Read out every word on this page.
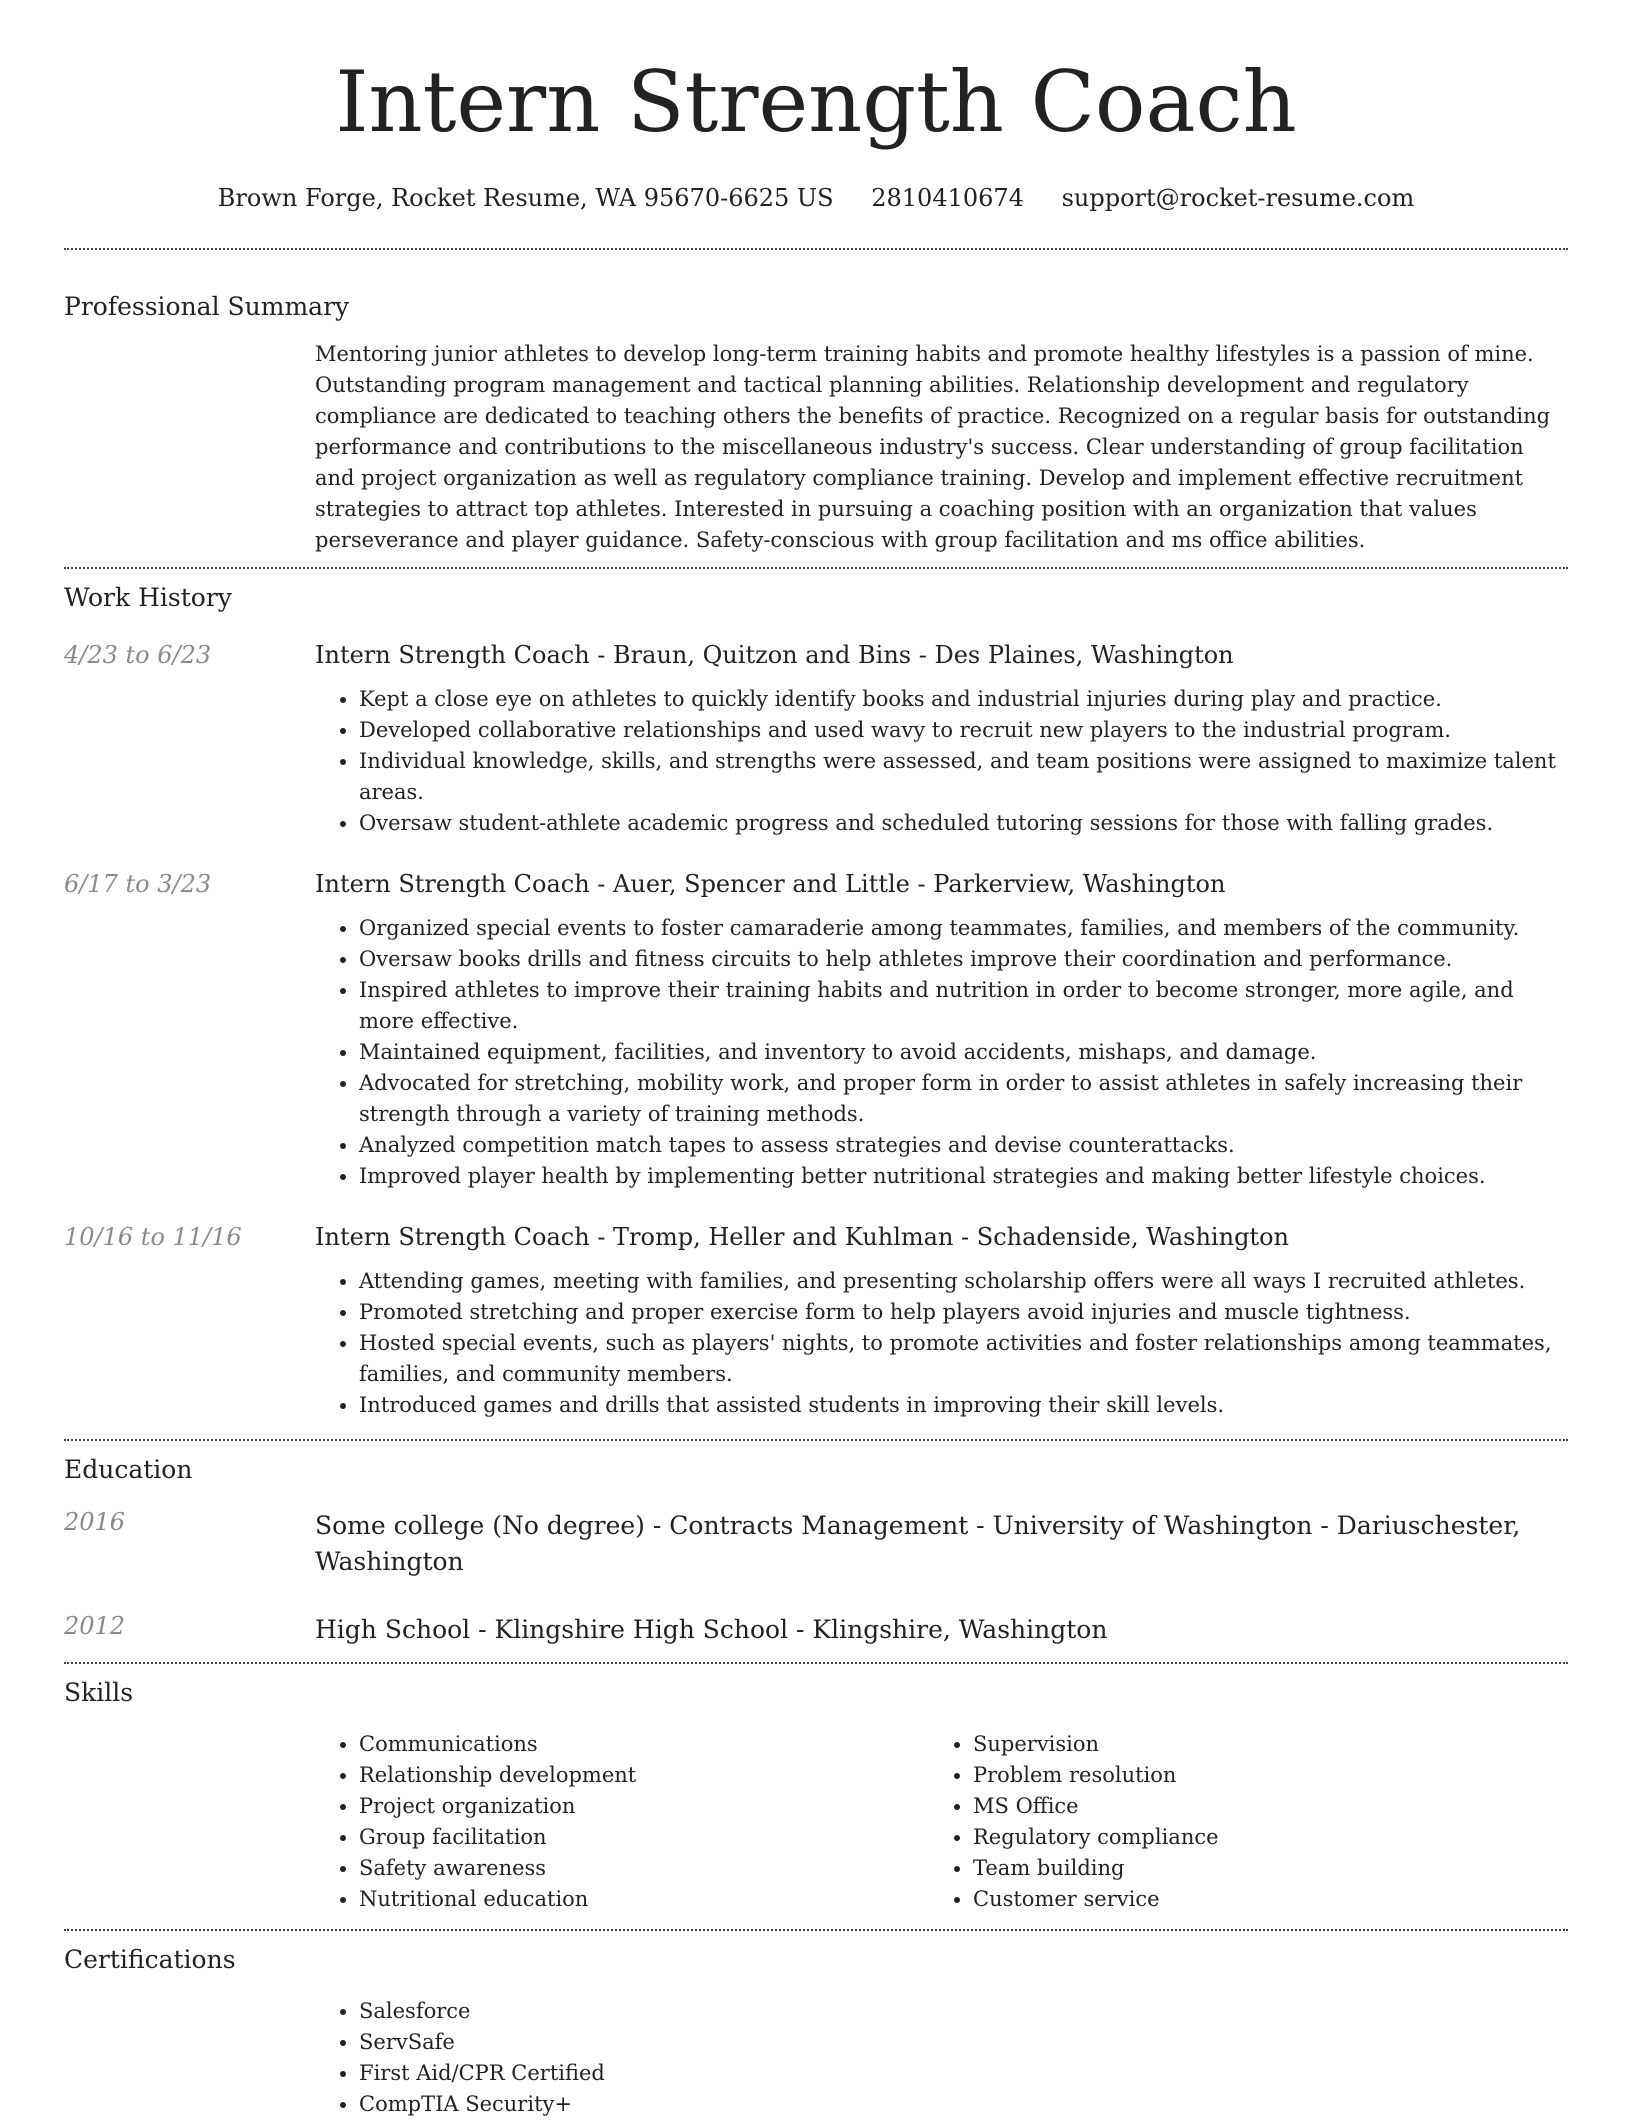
Intern Strength Coach
Brown Forge, Rocket Resume, WA 95670-6625 US 2810410674 support@rocket-resume.com
Professional Summary
Mentoring junior athletes to develop long-term training habits and promote healthy lifestyles is a passion of mine. Outstanding program management and tactical planning abilities. Relationship development and regulatory compliance are dedicated to teaching others the benefits of practice. Recognized on a regular basis for outstanding performance and contributions to the miscellaneous industry's success. Clear understanding of group facilitation and project organization as well as regulatory compliance training. Develop and implement effective recruitment strategies to attract top athletes. Interested in pursuing a coaching position with an organization that values perseverance and player guidance. Safety-conscious with group facilitation and ms office abilities.
Work History
4/23 to 6/23	Intern Strength Coach - Braun, Quitzon and Bins - Des Plaines, Washington
• Kept a close eye on athletes to quickly identify books and industrial injuries during play and practice.
• Developed collaborative relationships and used wavy to recruit new players to the industrial program.
• Individual knowledge, skills, and strengths were assessed, and team positions were assigned to maximize talent areas.
• Oversaw student-athlete academic progress and scheduled tutoring sessions for those with falling grades.
6/17 to 3/23	Intern Strength Coach - Auer, Spencer and Little - Parkerview, Washington
• Organized special events to foster camaraderie among teammates, families, and members of the community.
• Oversaw books drills and fitness circuits to help athletes improve their coordination and performance.
• Inspired athletes to improve their training habits and nutrition in order to become stronger, more agile, and more effective.
• Maintained equipment, facilities, and inventory to avoid accidents, mishaps, and damage.
• Advocated for stretching, mobility work, and proper form in order to assist athletes in safely increasing their strength through a variety of training methods.
• Analyzed competition match tapes to assess strategies and devise counterattacks.
• Improved player health by implementing better nutritional strategies and making better lifestyle choices.
10/16 to 11/16	Intern Strength Coach - Tromp, Heller and Kuhlman - Schadenside, Washington
• Attending games, meeting with families, and presenting scholarship offers were all ways I recruited athletes.
• Promoted stretching and proper exercise form to help players avoid injuries and muscle tightness.
• Hosted special events, such as players' nights, to promote activities and foster relationships among teammates, families, and community members.
• Introduced games and drills that assisted students in improving their skill levels.
Education
2016	Some college (No degree) - Contracts Management - University of Washington - Dariuschester, Washington
2012	High School - Klingshire High School - Klingshire, Washington
Skills
• Communications
• Relationship development
• Project organization
• Group facilitation
• Safety awareness
• Nutritional education
• Supervision
• Problem resolution
• MS Office
• Regulatory compliance
• Team building
• Customer service
Certifications
• Salesforce
• ServSafe
• First Aid/CPR Certified
• CompTIA Security+
